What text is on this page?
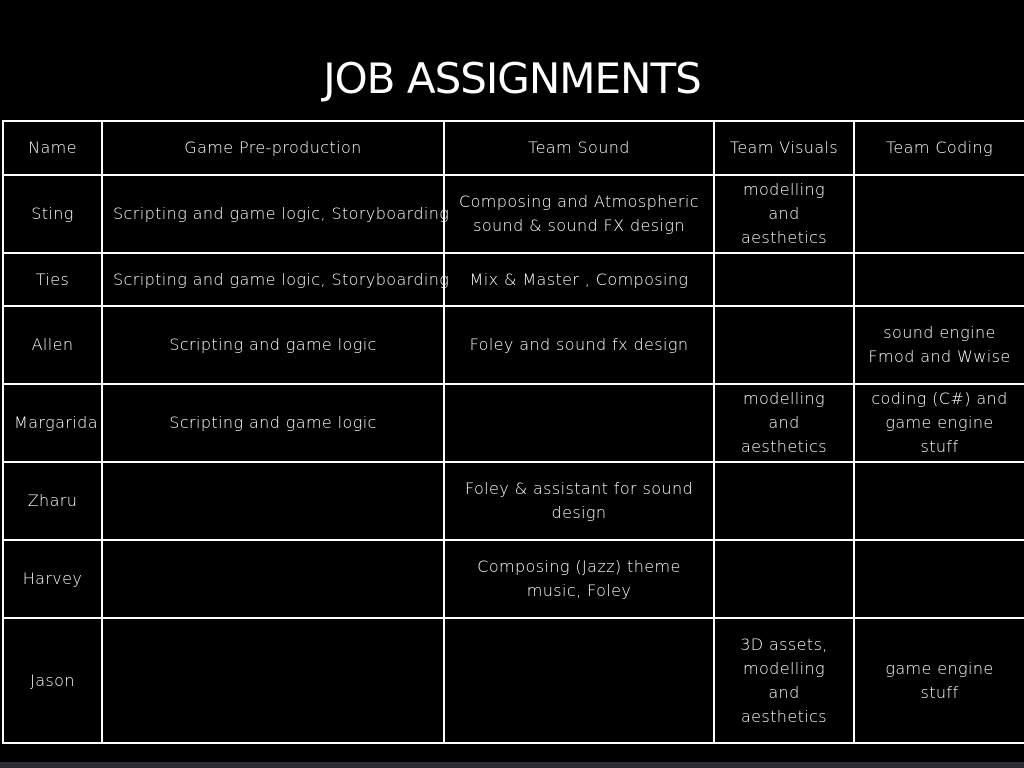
JOB ASSIGNMENTS
Name	Game Pre-production	Team Sound	Team Visuals	Team Coding
Sting	Scripting and game logic, Storyboarding	Composing and Atmospheric sound & sound FX design	modelling and aesthetics	
Ties	Scripting and game logic, Storyboarding	Mix & Master , Composing		
Allen	Scripting and game logic	Foley and sound fx design		sound engine Fmod and Wwise
Margarida	Scripting and game logic		modelling and aesthetics	coding (C#) and game engine stuff
Zharu		Foley & assistant for sound design		
Harvey		Composing (Jazz) theme music, Foley		
Jason			3D assets, modelling and aesthetics	game engine stuff
